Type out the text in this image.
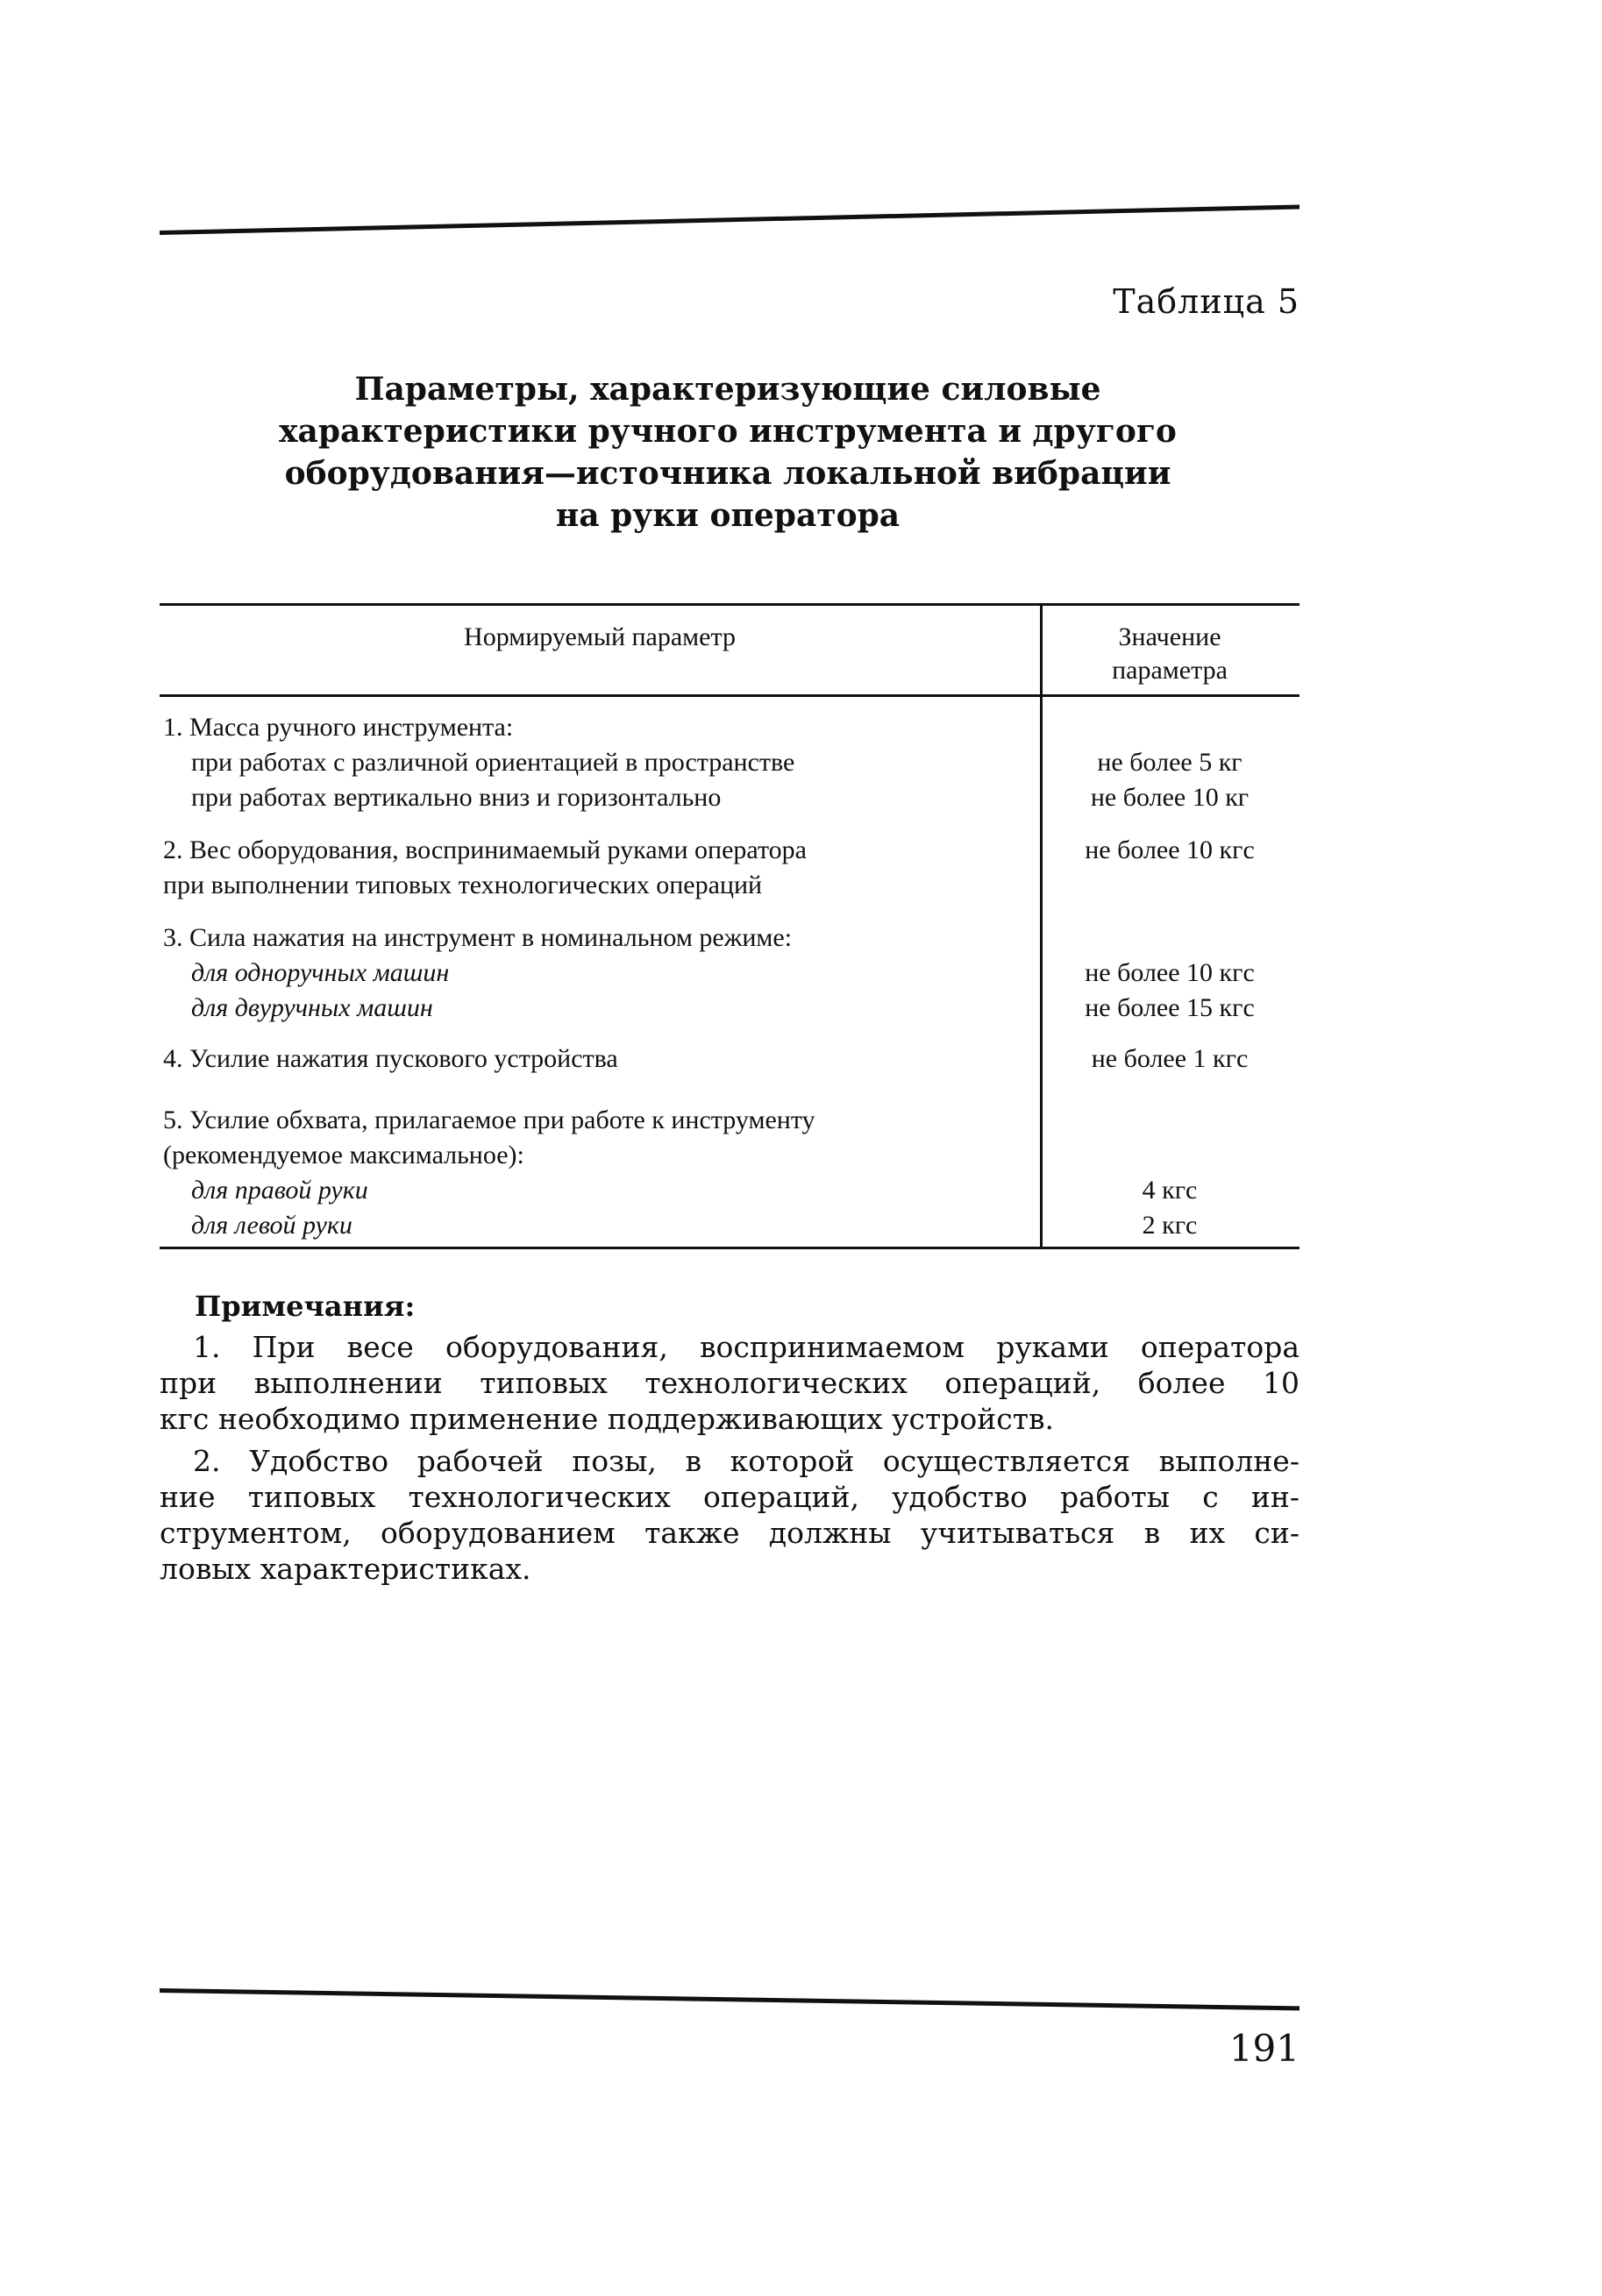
Таблица 5
Параметры, характеризующие силовые
характеристики ручного инструмента и другого
оборудования—источника локальной вибрации
на руки оператора
Нормируемый параметр	Значение
параметра
1. Масса ручного инструмента:
при работах с различной ориентацией в пространстве
при работах вертикально вниз и горизонтально
не более 5 кг
не более 10 кг
2. Вес оборудования, воспринимаемый руками оператора
при выполнении типовых технологических операций
не более 10 кгс
3. Сила нажатия на инструмент в номинальном режиме:
для одноручных машин
для двуручных машин
не более 10 кгс
не более 15 кгс
4. Усилие нажатия пускового устройства	не более 1 кгс
5. Усилие обхвата, прилагаемое при работе к инструменту
(рекомендуемое максимальное):
для правой руки
для левой руки
4 кгс
2 кгс
Примечания:
1. При весе оборудования, воспринимаемом руками оператора
при выполнении типовых технологических операций, более 10
кгс необходимо применение поддерживающих устройств.
2. Удобство рабочей позы, в которой осуществляется выполне-
ние типовых технологических операций, удобство работы с ин-
струментом, оборудованием также должны учитываться в их си-
ловых характеристиках.
191
